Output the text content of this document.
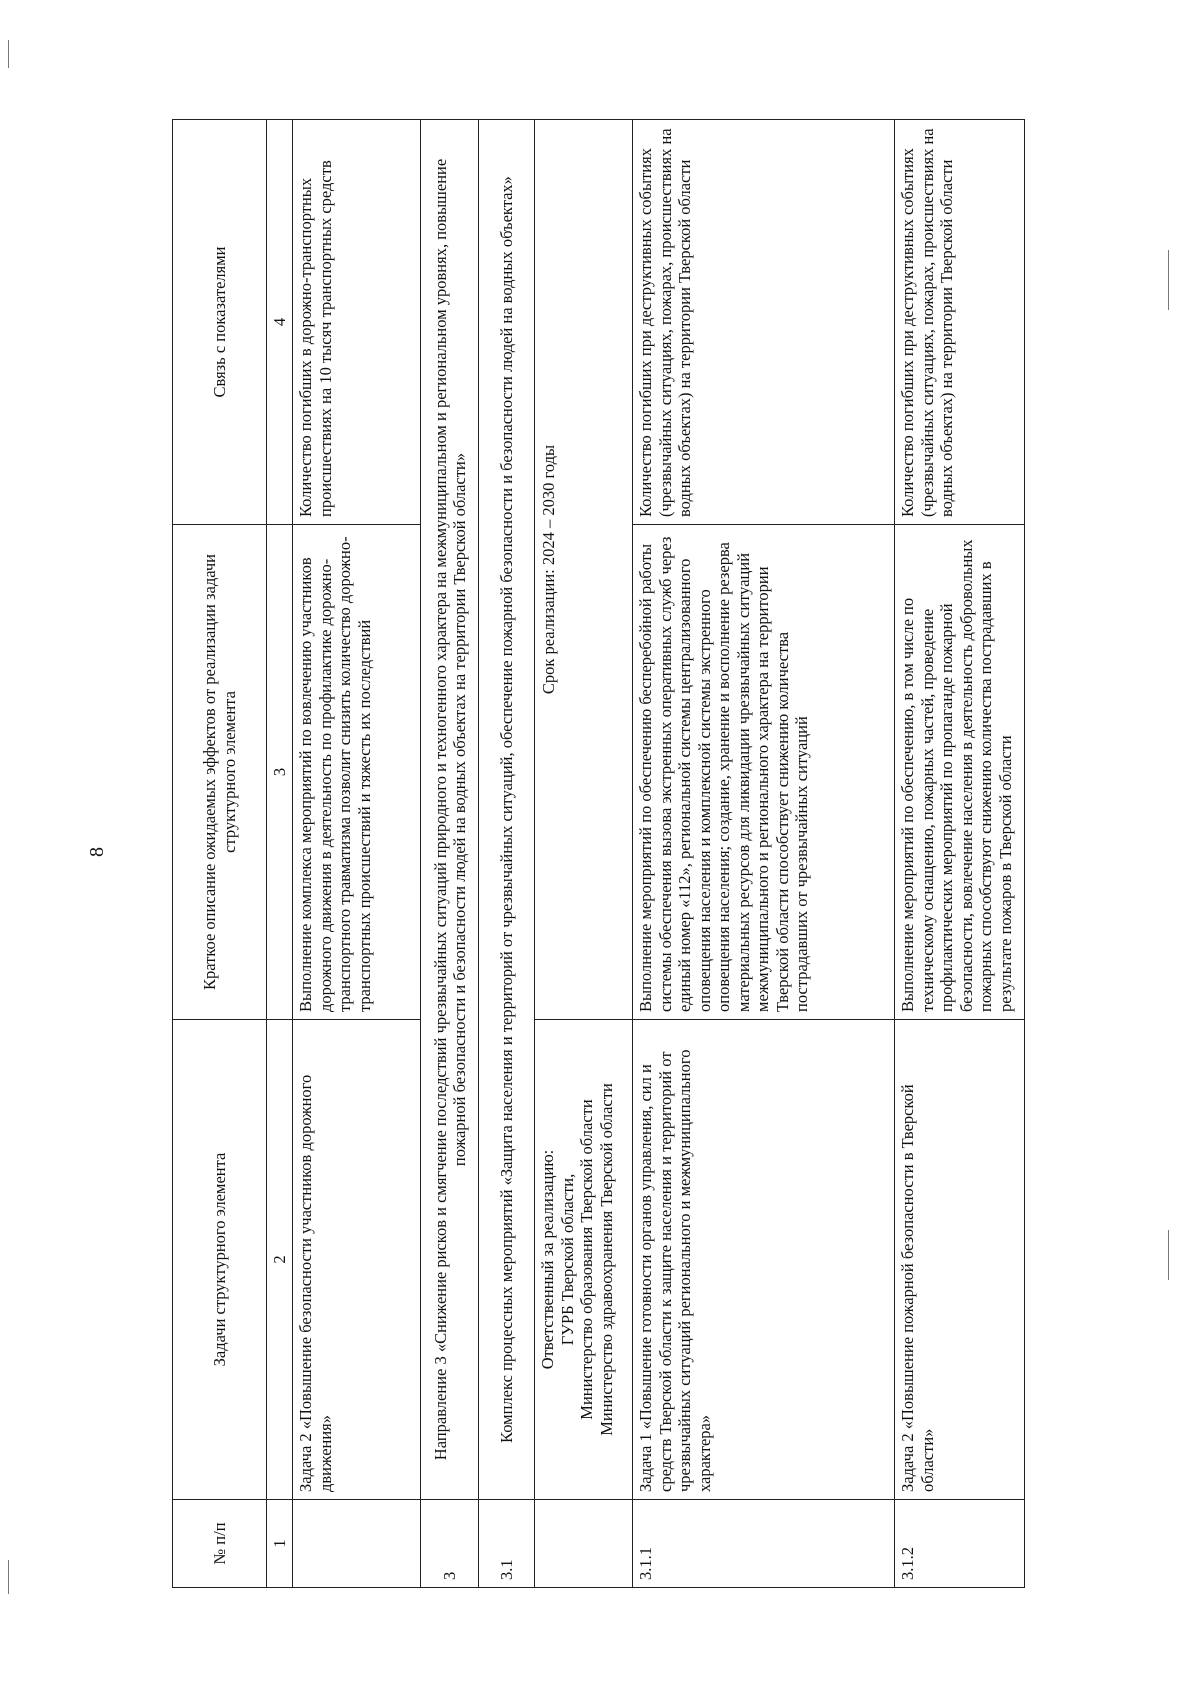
8
№ п/п	Задачи структурного элемента	Краткое описание ожидаемых эффектов от реализации задачи структурного элемента	Связь с показателями
1	2	3	4
	Задача 2 «Повышение безопасности участников дорожного движения»	Выполнение комплекса мероприятий по вовлечению участников дорожного движения в деятельность по профилактике дорожно-транспортного травматизма позволит снизить количество дорожно-транспортных происшествий и тяжесть их последствий	Количество погибших в дорожно-транспортных происшествиях на 10 тысяч транспортных средств
3	Направление 3 «Снижение рисков и смягчение последствий чрезвычайных ситуаций природного и техногенного характера на межмуниципальном и региональном уровнях, повышение пожарной безопасности и безопасности людей на водных объектах на территории Тверской области»		
3.1	Комплекс процессных мероприятий «Защита населения и территорий от чрезвычайных ситуаций, обеспечение пожарной безопасности и безопасности людей на водных объектах»		

	Ответственный за реализацию: ГУРБ Тверской области, Министерство образования Тверской области Министерство здравоохранения Тверской области	Срок реализации: 2024 – 2030 годы	
3.1.1	Задача 1 «Повышение готовности органов управления, сил и средств Тверской области к защите населения и территорий от чрезвычайных ситуаций регионального и межмуниципального характера»	Выполнение мероприятий по обеспечению бесперебойной работы системы обеспечения вызова экстренных оперативных служб через единый номер «112», региональной системы централизованного оповещения населения и комплексной системы экстренного оповещения населения; создание, хранение и восполнение резерва материальных ресурсов для ликвидации чрезвычайных ситуаций межмуниципального и регионального характера на территории Тверской области способствует снижению количества пострадавших от чрезвычайных ситуаций	Количество погибших при деструктивных событиях (чрезвычайных ситуациях, пожарах, происшествиях на водных объектах) на территории Тверской области
3.1.2	Задача 2 «Повышение пожарной безопасности в Тверской области»	Выполнение мероприятий по обеспечению, в том числе по техническому оснащению, пожарных частей, проведение профилактических мероприятий по пропаганде пожарной безопасности, вовлечение населения в деятельность добровольных пожарных способствуют снижению количества пострадавших в результате пожаров в Тверской области	Количество погибших при деструктивных событиях (чрезвычайных ситуациях, пожарах, происшествиях на водных объектах) на территории Тверской области
